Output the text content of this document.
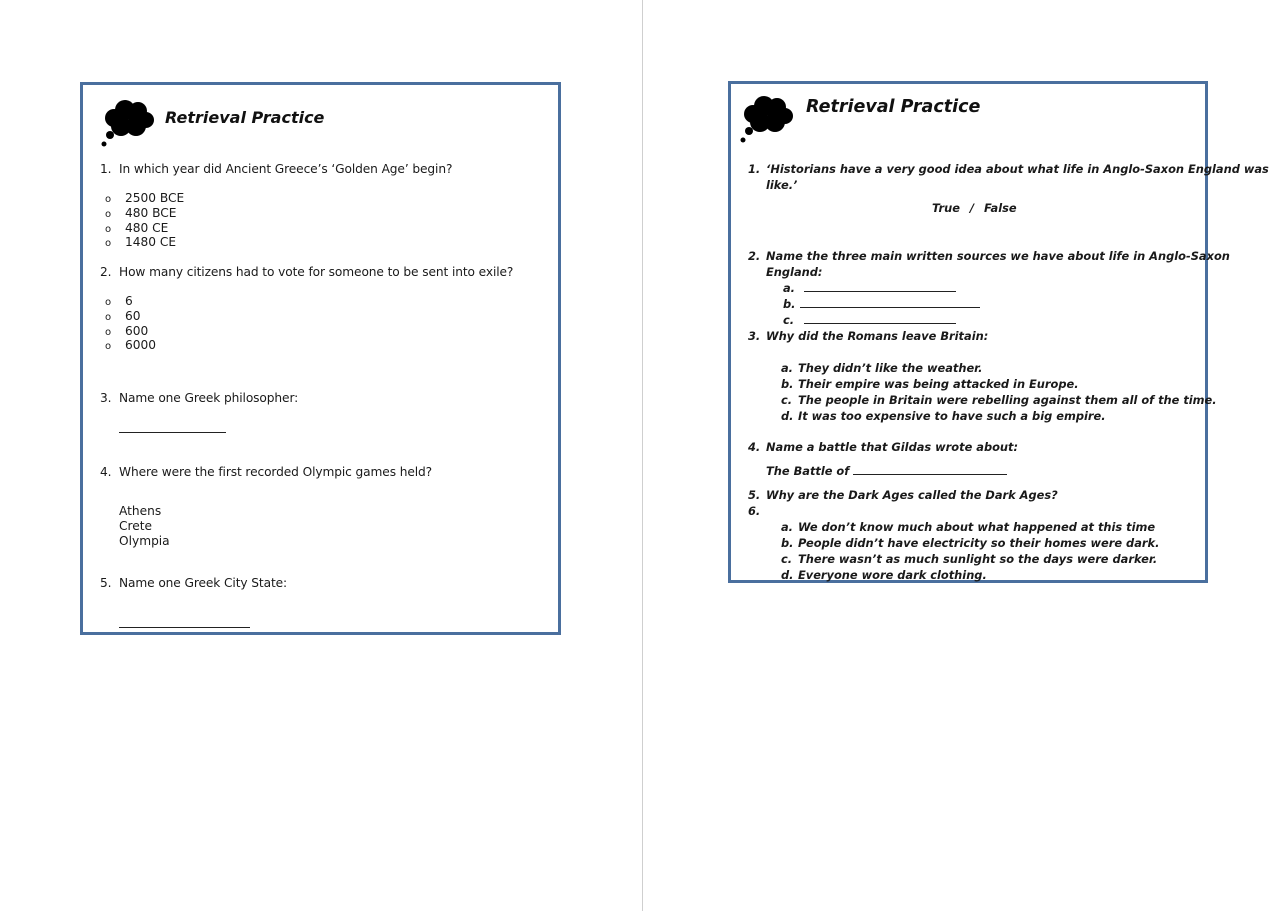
Retrieval Practice
1. In which year did Ancient Greece’s ‘Golden Age’ begin?
o 2500 BCE
o 480 BCE
o 480 CE
o 1480 CE
2. How many citizens had to vote for someone to be sent into exile?
o 6
o 60
o 600
o 6000
3. Name one Greek philosopher:
4. Where were the first recorded Olympic games held?
Athens
Crete
Olympia
5. Name one Greek City State:
Retrieval Practice
1. ‘Historians have a very good idea about what life in Anglo-Saxon England was
like.’
True / False
2. Name the three main written sources we have about life in Anglo-Saxon
England:
a.
b.
c.
3. Why did the Romans leave Britain:
a. They didn’t like the weather.
b. Their empire was being attacked in Europe.
c. The people in Britain were rebelling against them all of the time.
d. It was too expensive to have such a big empire.
4. Name a battle that Gildas wrote about:
The Battle of
5. Why are the Dark Ages called the Dark Ages?
6.
a. We don’t know much about what happened at this time
b. People didn’t have electricity so their homes were dark.
c. There wasn’t as much sunlight so the days were darker.
d. Everyone wore dark clothing.
